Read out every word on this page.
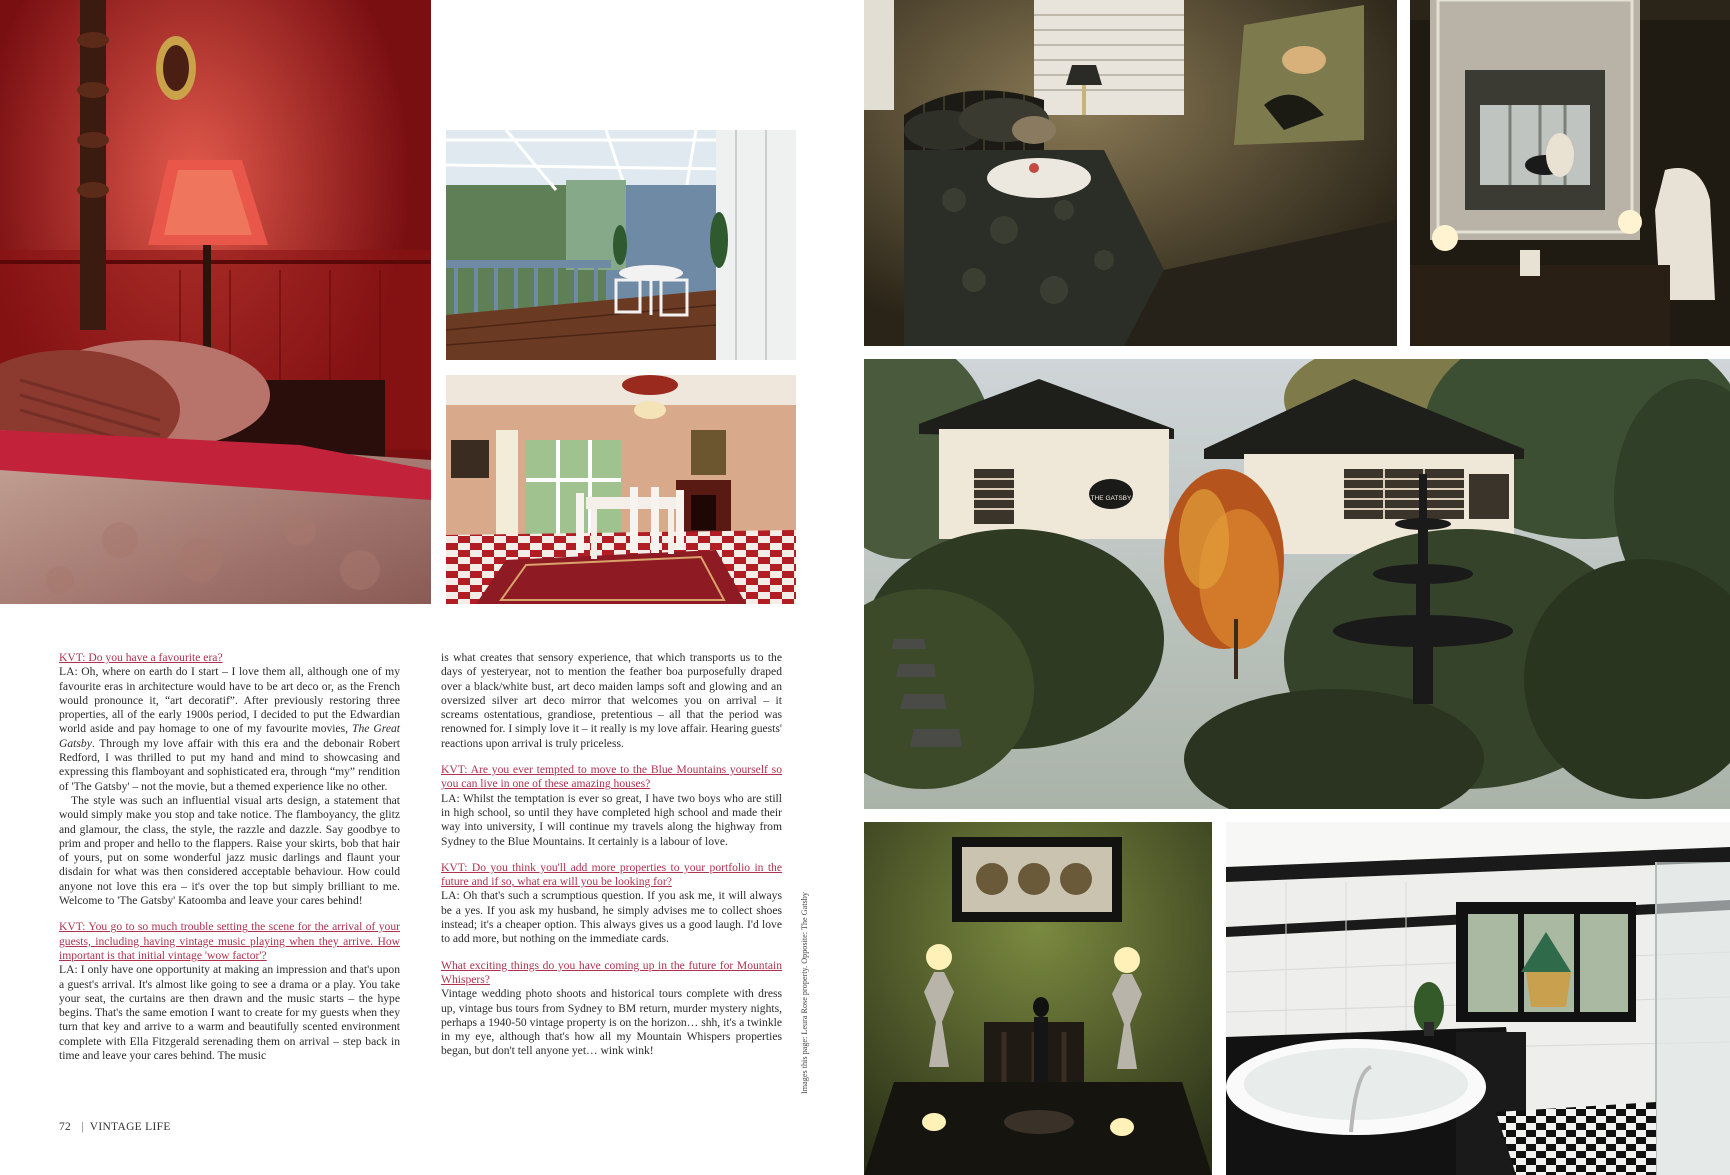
KVT: Do you have a favourite era?

LA: Oh, where on earth do I start – I love them all, although one of my favourite eras in architecture would have to be art deco or, as the French would pronounce it, “art decoratif”. After previously restoring three properties, all of the early 1900s period, I decided to put the Edwardian world aside and pay homage to one of my favourite movies, The Great Gatsby. Through my love affair with this era and the debonair Robert Redford, I was thrilled to put my hand and mind to showcasing and expressing this flamboyant and sophisticated era, through “my” rendition of 'The Gatsby' – not the movie, but a themed experience like no other.

The style was such an influential visual arts design, a statement that would simply make you stop and take notice. The flamboyancy, the glitz and glamour, the class, the style, the razzle and dazzle. Say goodbye to prim and proper and hello to the flappers. Raise your skirts, bob that hair of yours, put on some wonderful jazz music darlings and flaunt your disdain for what was then considered acceptable behaviour. How could anyone not love this era – it's over the top but simply brilliant to me. Welcome to 'The Gatsby' Katoomba and leave your cares behind!

KVT: You go to so much trouble setting the scene for the arrival of your guests, including having vintage music playing when they arrive. How important is that initial vintage 'wow factor'?

LA: I only have one opportunity at making an impression and that's upon a guest's arrival. It's almost like going to see a drama or a play. You take your seat, the curtains are then drawn and the music starts – the hype begins. That's the same emotion I want to create for my guests when they turn that key and arrive to a warm and beautifully scented environment complete with Ella Fitzgerald serenading them on arrival – step back in time and leave your cares behind. The music

is what creates that sensory experience, that which transports us to the days of yesteryear, not to mention the feather boa purposefully draped over a black/white bust, art deco maiden lamps soft and glowing and an oversized silver art deco mirror that welcomes you on arrival – it screams ostentatious, grandiose, pretentious – all that the period was renowned for. I simply love it – it really is my love affair. Hearing guests' reactions upon arrival is truly priceless.

KVT: Are you ever tempted to move to the Blue Mountains yourself so you can live in one of these amazing houses?

LA: Whilst the temptation is ever so great, I have two boys who are still in high school, so until they have completed high school and made their way into university, I will continue my travels along the highway from Sydney to the Blue Mountains. It certainly is a labour of love.

KVT: Do you think you'll add more properties to your portfolio in the future and if so, what era will you be looking for?

LA: Oh that's such a scrumptious question. If you ask me, it will always be a yes. If you ask my husband, he simply advises me to collect shoes instead; it's a cheaper option. This always gives us a good laugh. I'd love to add more, but nothing on the immediate cards.

What exciting things do you have coming up in the future for Mountain Whispers?

Vintage wedding photo shoots and historical tours complete with dress up, vintage bus tours from Sydney to BM return, murder mystery nights, perhaps a 1940-50 vintage property is on the horizon… shh, it's a twinkle in my eye, although that's how all my Mountain Whispers properties began, but don't tell anyone yet… wink wink!	Images this page: Leura Rose property. Opposite: The Gatsby
72 | VINTAGE LIFE
THE GATSBY
